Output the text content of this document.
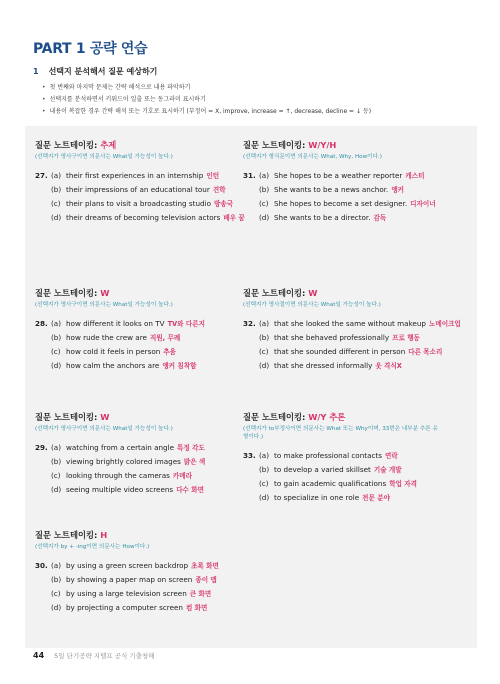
PART 1 공략 연습
1 선택지 분석해서 질문 예상하기
• 첫 번째와 마지막 문제는 간략 해석으로 내용 파악하기
• 선택지를 분석하면서 키워드이 일출 또는 동그라미 표시하기
• 내용이 복잡한 경우 간략 해석 또는 기호로 표시하기 (부정어 = X, improve, increase = ↑, decrease, decline = ↓ 등)
질문 노트테이킹: 추제
(선택지가 명사구이면 의문사는 What일 가능성이 높다.)
27. (a) their first experiences in an internship 인턴
(b) their impressions of an educational tour 견학
(c) their plans to visit a broadcasting studio 방송국
(d) their dreams of becoming television actors 배우 꿈
질문 노트테이킹: W
(선택지가 명사구이면 의문사는 What일 가능성이 높다.)
28. (a) how different it looks on TV TV와 다른지
(b) how rude the crew are 직원, 무례
(c) how cold it feels in person 추움
(d) how calm the anchors are 앵커 침착함
질문 노트테이킹: W
(선택지가 명사구이면 의문사는 What일 가능성이 높다.)
29. (a) watching from a certain angle 특정 각도
(b) viewing brightly colored images 밝은 색
(c) looking through the cameras 카메라
(d) seeing multiple video screens 다수 화면
질문 노트테이킹: H
(선택지가 by + -ing이면 의문사는 How이다.)
30. (a) by using a green screen backdrop 초록 화면
(b) by showing a paper map on screen 종이 맵
(c) by using a large television screen 큰 화면
(d) by projecting a computer screen 컴 화면
질문 노트테이킹: W/Y/H
(선택지가 형식문이면 의문사는 What, Why, How이다.)
31. (a) She hopes to be a weather reporter 캐스터
(b) She wants to be a news anchor. 앵커
(c) She hopes to become a set designer. 디자이너
(d) She wants to be a director. 감독
질문 노트테이킹: W
(선택지가 명사절이면 의문사는 What일 가능성이 높다.)
32. (a) that she looked the same without makeup 노메이크업
(b) that she behaved professionally 프로 행동
(c) that she sounded different in person 다른 목소리
(d) that she dressed informally 옷 격식X
질문 노트테이킹: W/Y 추론
(선택지가 to부정사이면 의문사는 What 또는 Why이며, 33번은 내부분 추론 유형이다.)
33. (a) to make professional contacts 연락
(b) to develop a varied skillset 기술 개발
(c) to gain academic qualifications 학업 자격
(d) to specialize in one role 전문 분야
44 5일 단기공략 지텔프 공식 기출청해
